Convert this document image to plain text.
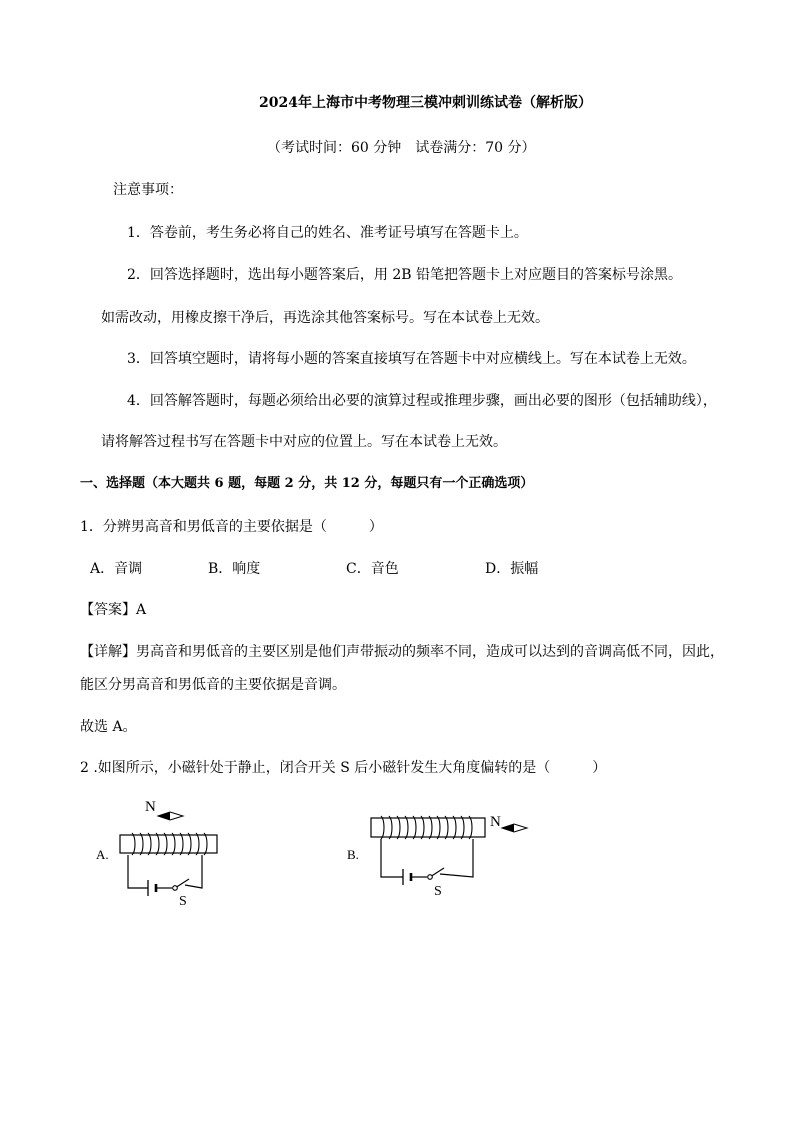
2024年上海市中考物理三模冲刺训练试卷（解析版）
（考试时间：60 分钟　试卷满分：70 分）
注意事项：
1．答卷前，考生务必将自己的姓名、准考证号填写在答题卡上。
2．回答选择题时，选出每小题答案后，用 2B 铅笔把答题卡上对应题目的答案标号涂黑。
如需改动，用橡皮擦干净后，再选涂其他答案标号。写在本试卷上无效。
3．回答填空题时，请将每小题的答案直接填写在答题卡中对应横线上。写在本试卷上无效。
4．回答解答题时，每题必须给出必要的演算过程或推理步骤，画出必要的图形（包括辅助线），
请将解答过程书写在答题卡中对应的位置上。写在本试卷上无效。
一、选择题（本大题共 6 题，每题 2 分，共 12 分，每题只有一个正确选项）
1．分辨男高音和男低音的主要依据是（　　　）
A．音调	B．响度	C．音色	D．振幅
【答案】A
【详解】男高音和男低音的主要区别是他们声带振动的频率不同，造成可以达到的音调高低不同，因此，
能区分男高音和男低音的主要依据是音调。
故选 A。
2 .如图所示，小磁针处于静止，闭合开关 S 后小磁针发生大角度偏转的是（　　　）
A.
N
S
B.
N
S
